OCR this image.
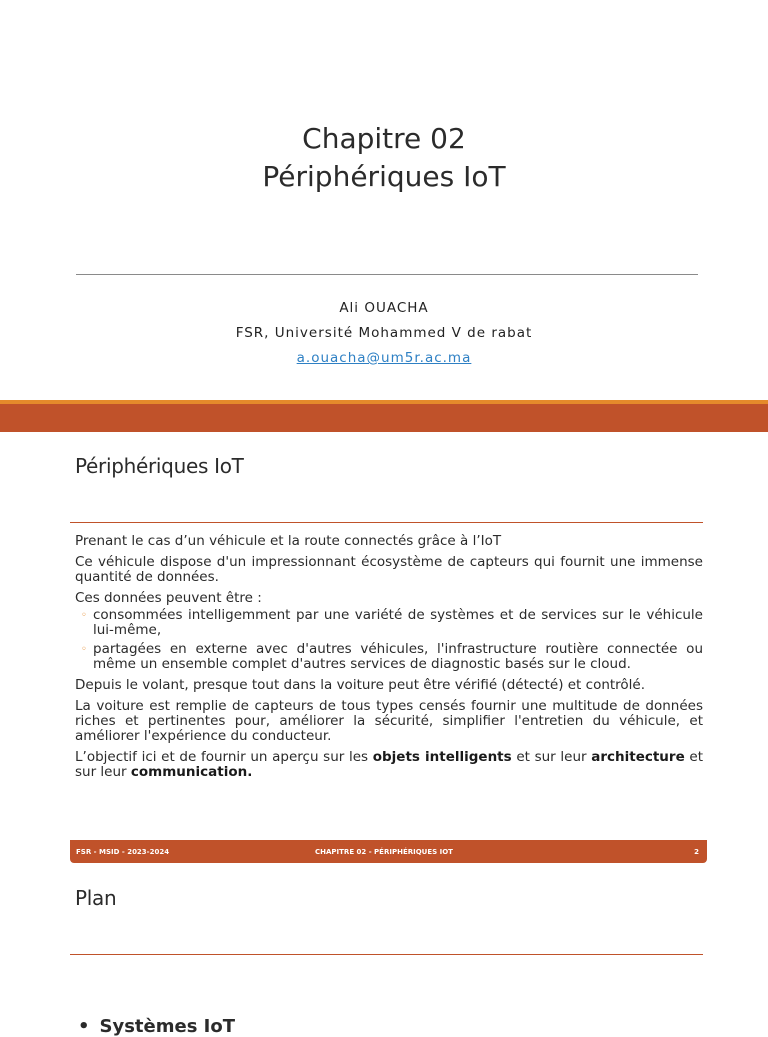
Chapitre 02
Périphériques IoT
Ali OUACHA
FSR, Université Mohammed V de rabat
a.ouacha@um5r.ac.ma
Périphériques IoT

Prenant le cas d’un véhicule et la route connectés grâce à l’IoT

Ce véhicule dispose d'un impressionnant écosystème de capteurs qui fournit une immense quantité de données.

Ces données peuvent être :

◦ consommées intelligemment par une variété de systèmes et de services sur le véhicule lui-même,
◦ partagées en externe avec d'autres véhicules, l'infrastructure routière connectée ou même un ensemble complet d'autres services de diagnostic basés sur le cloud.

Depuis le volant, presque tout dans la voiture peut être vérifié (détecté) et contrôlé.

La voiture est remplie de capteurs de tous types censés fournir une multitude de données riches et pertinentes pour, améliorer la sécurité, simplifier l'entretien du véhicule, et améliorer l'expérience du conducteur.

L’objectif ici et de fournir un aperçu sur les objets intelligents et sur leur architecture et sur leur communication.

FSR - MSID - 2023-2024	CHAPITRE 02 - PÉRIPHÉRIQUES IOT	2
Plan
• Systèmes IoT
